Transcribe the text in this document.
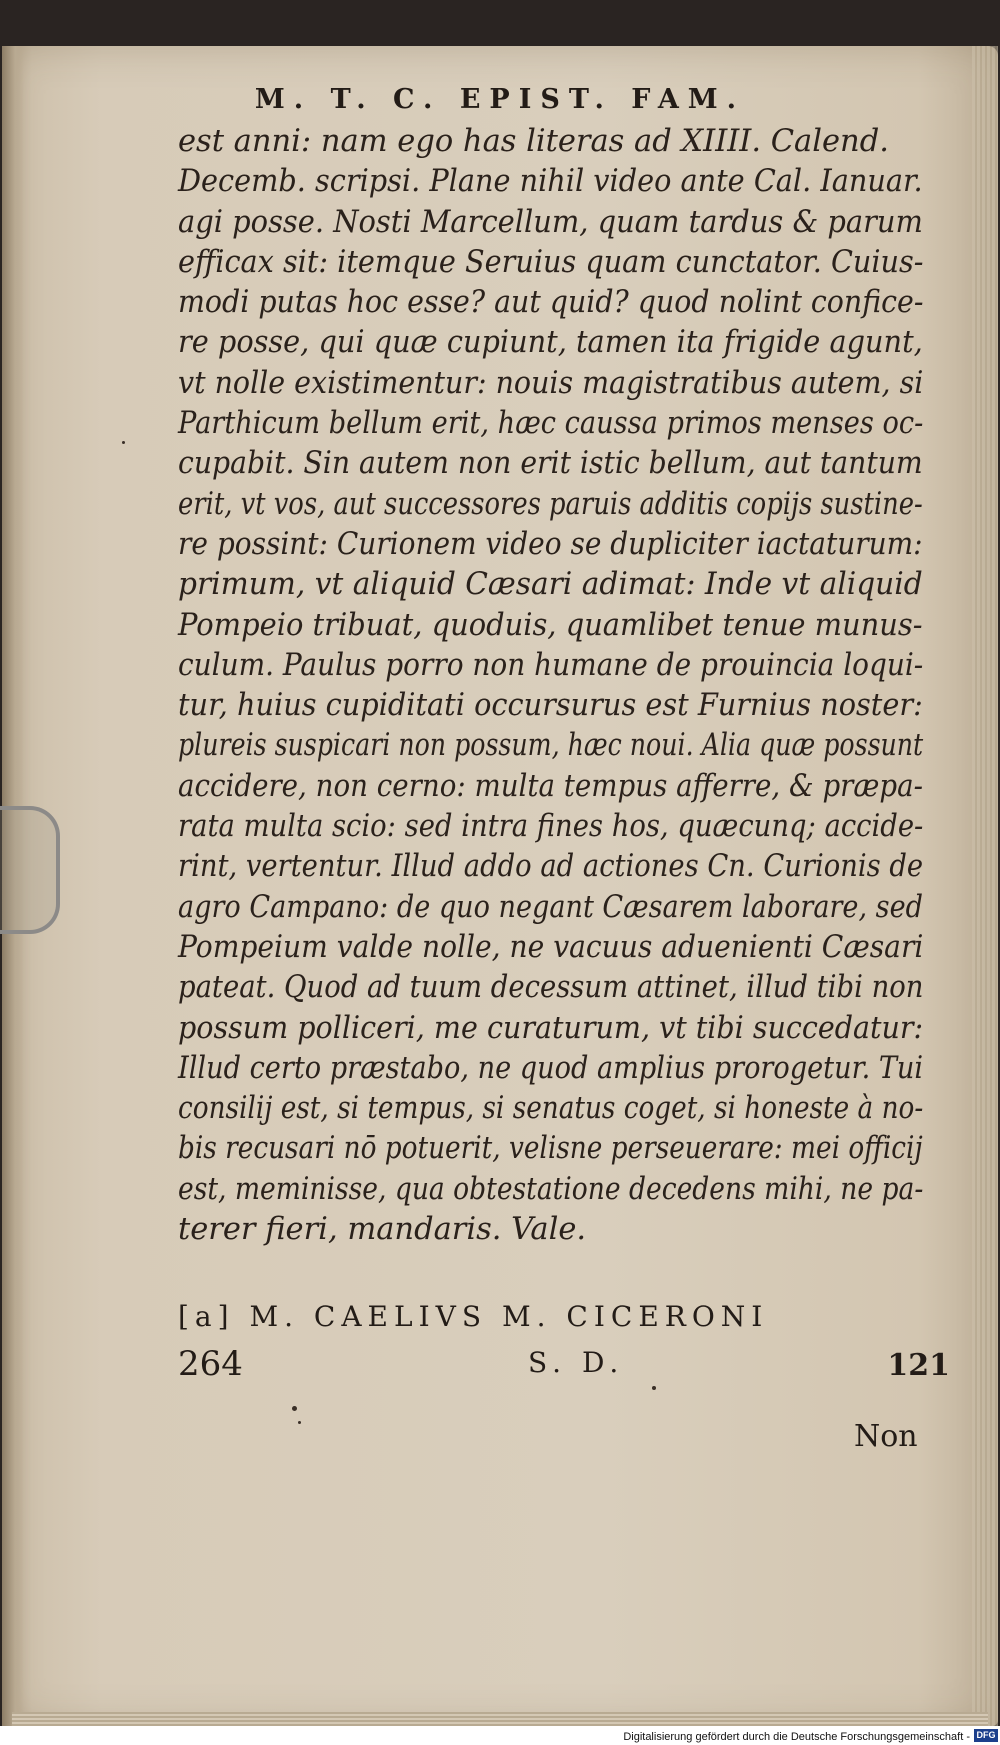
M. T. C. EPIST. FAM.
est anni: nam ego has literas ad XIIII. Calend.
Decemb. scripsi. Plane nihil video ante Cal. Ianuar.
agi posse. Nosti Marcellum, quam tardus & parum
efficax sit: itemque Seruius quam cunctator. Cuius-
modi putas hoc esse? aut quid? quod nolint confice-
re posse, qui quæ cupiunt, tamen ita frigide agunt,
vt nolle existimentur: nouis magistratibus autem, si
Parthicum bellum erit, hæc caussa primos menses oc-
cupabit. Sin autem non erit istic bellum, aut tantum
erit, vt vos, aut successores paruis additis copijs sustine-
re possint: Curionem video se dupliciter iactaturum:
primum, vt aliquid Cæsari adimat: Inde vt aliquid
Pompeio tribuat, quoduis, quamlibet tenue munus-
culum. Paulus porro non humane de prouincia loqui-
tur, huius cupiditati occursurus est Furnius noster:
plureis suspicari non possum, hæc noui. Alia quæ possunt
accidere, non cerno: multa tempus afferre, & præpa-
rata multa scio: sed intra fines hos, quæcunq; accide-
rint, vertentur. Illud addo ad actiones Cn. Curionis de
agro Campano: de quo negant Cæsarem laborare, sed
Pompeium valde nolle, ne vacuus aduenienti Cæsari
pateat. Quod ad tuum decessum attinet, illud tibi non
possum polliceri, me curaturum, vt tibi succedatur:
Illud certo præstabo, ne quod amplius prorogetur. Tui
consilij est, si tempus, si senatus coget, si honeste à no-
bis recusari nō potuerit, velisne perseuerare: mei officij
est, meminisse, qua obtestatione decedens mihi, ne pa-
terer fieri, mandaris. Vale.
[a] M. CAELIVS M. CICERONI
264	S. D.	121
Non
Digitalisierung gefördert durch die Deutsche Forschungsgemeinschaft - DFG
